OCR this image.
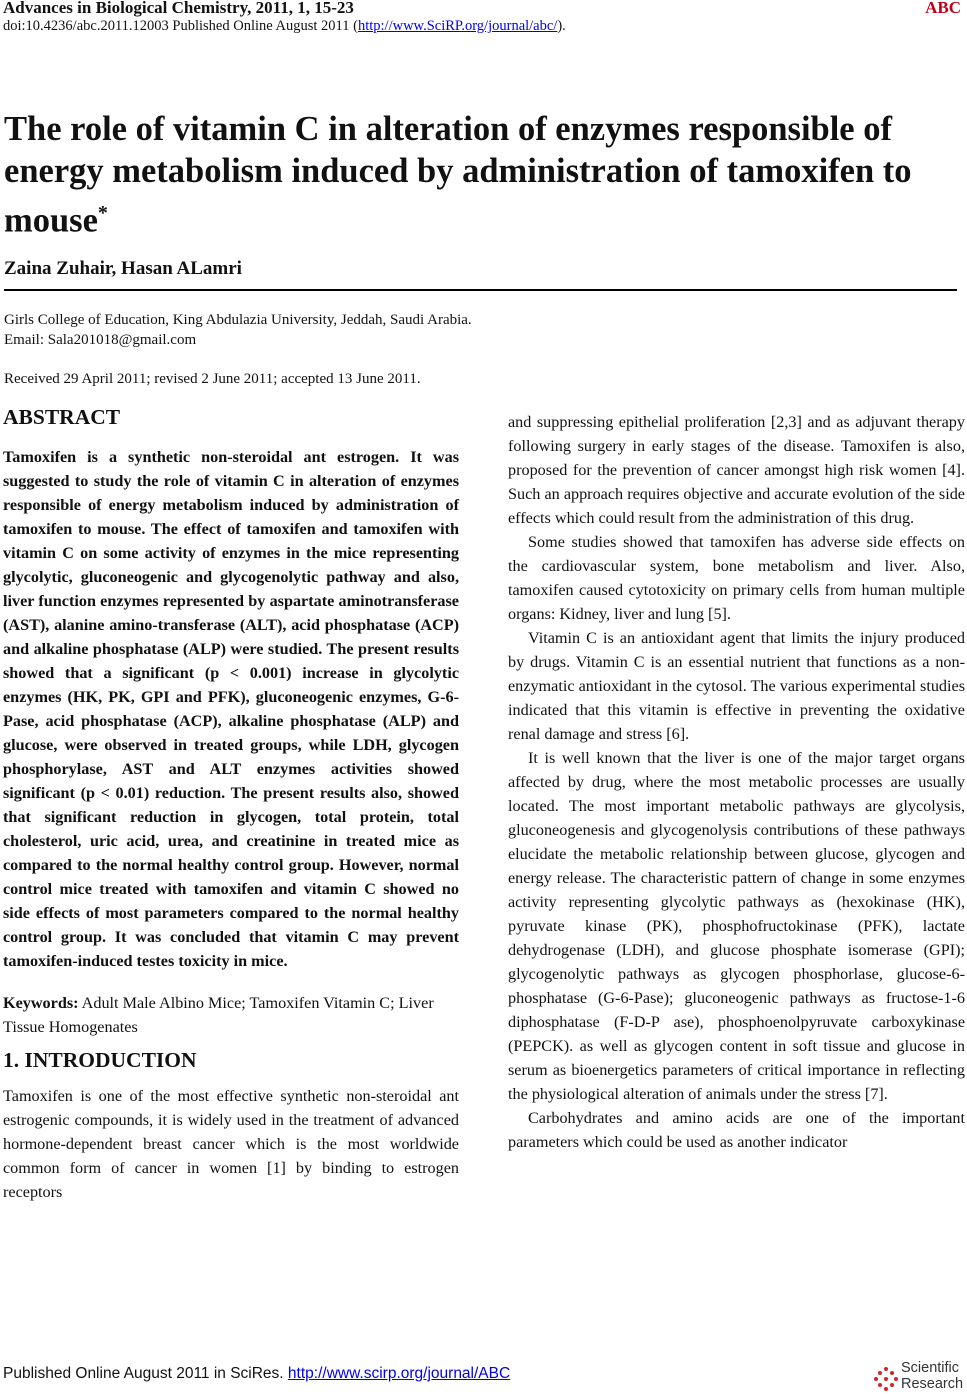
Advances in Biological Chemistry, 2011, 1, 15-23	ABC
doi:10.4236/abc.2011.12003 Published Online August 2011 (http://www.SciRP.org/journal/abc/).
The role of vitamin C in alteration of enzymes responsible of energy metabolism induced by administration of tamoxifen to mouse*
Zaina Zuhair, Hasan ALamri
Girls College of Education, King Abdulazia University, Jeddah, Saudi Arabia.
Email: Sala201018@gmail.com
Received 29 April 2011; revised 2 June 2011; accepted 13 June 2011.
ABSTRACT
Tamoxifen is a synthetic non-steroidal ant estrogen. It was suggested to study the role of vitamin C in alteration of enzymes responsible of energy metabolism induced by administration of tamoxifen to mouse. The effect of tamoxifen and tamoxifen with vitamin C on some activity of enzymes in the mice representing glycolytic, gluconeogenic and glycogenolytic pathway and also, liver function enzymes represented by aspartate aminotransferase (AST), alanine amino-transferase (ALT), acid phosphatase (ACP) and alkaline phosphatase (ALP) were studied. The present results showed that a significant (p < 0.001) increase in glycolytic enzymes (HK, PK, GPI and PFK), gluconeogenic enzymes, G-6-Pase, acid phosphatase (ACP), alkaline phosphatase (ALP) and glucose, were observed in treated groups, while LDH, glycogen phosphorylase, AST and ALT enzymes activities showed significant (p < 0.01) reduction. The present results also, showed that significant reduction in glycogen, total protein, total cholesterol, uric acid, urea, and creatinine in treated mice as compared to the normal healthy control group. However, normal control mice treated with tamoxifen and vitamin C showed no side effects of most parameters compared to the normal healthy control group. It was concluded that vitamin C may prevent tamoxifen-induced testes toxicity in mice.
Keywords: Adult Male Albino Mice; Tamoxifen Vitamin C; Liver Tissue Homogenates
1. INTRODUCTION
Tamoxifen is one of the most effective synthetic non-steroidal ant estrogenic compounds, it is widely used in the treatment of advanced hormone-dependent breast cancer which is the most worldwide common form of cancer in women [1] by binding to estrogen receptors

and suppressing epithelial proliferation [2,3] and as adjuvant therapy following surgery in early stages of the disease. Tamoxifen is also, proposed for the prevention of cancer amongst high risk women [4]. Such an approach requires objective and accurate evolution of the side effects which could result from the administration of this drug.

Some studies showed that tamoxifen has adverse side effects on the cardiovascular system, bone metabolism and liver. Also, tamoxifen caused cytotoxicity on primary cells from human multiple organs: Kidney, liver and lung [5].

Vitamin C is an antioxidant agent that limits the injury produced by drugs. Vitamin C is an essential nutrient that functions as a non-enzymatic antioxidant in the cytosol. The various experimental studies indicated that this vitamin is effective in preventing the oxidative renal damage and stress [6].

It is well known that the liver is one of the major target organs affected by drug, where the most metabolic processes are usually located. The most important metabolic pathways are glycolysis, gluconeogenesis and glycogenolysis contributions of these pathways elucidate the metabolic relationship between glucose, glycogen and energy release. The characteristic pattern of change in some enzymes activity representing glycolytic pathways as (hexokinase (HK), pyruvate kinase (PK), phosphofructokinase (PFK), lactate dehydrogenase (LDH), and glucose phosphate isomerase (GPI); glycogenolytic pathways as glycogen phosphorlase, glucose-6-phosphatase (G-6-Pase); gluconeogenic pathways as fructose-1-6 diphosphatase (F-D-P ase), phosphoenolpyruvate carboxykinase (PEPCK). as well as glycogen content in soft tissue and glucose in serum as bioenergetics parameters of critical importance in reflecting the physiological alteration of animals under the stress [7].

Carbohydrates and amino acids are one of the important parameters which could be used as another indicator

Published Online August 2011 in SciRes. http://www.scirp.org/journal/ABC	Scientific
Research
